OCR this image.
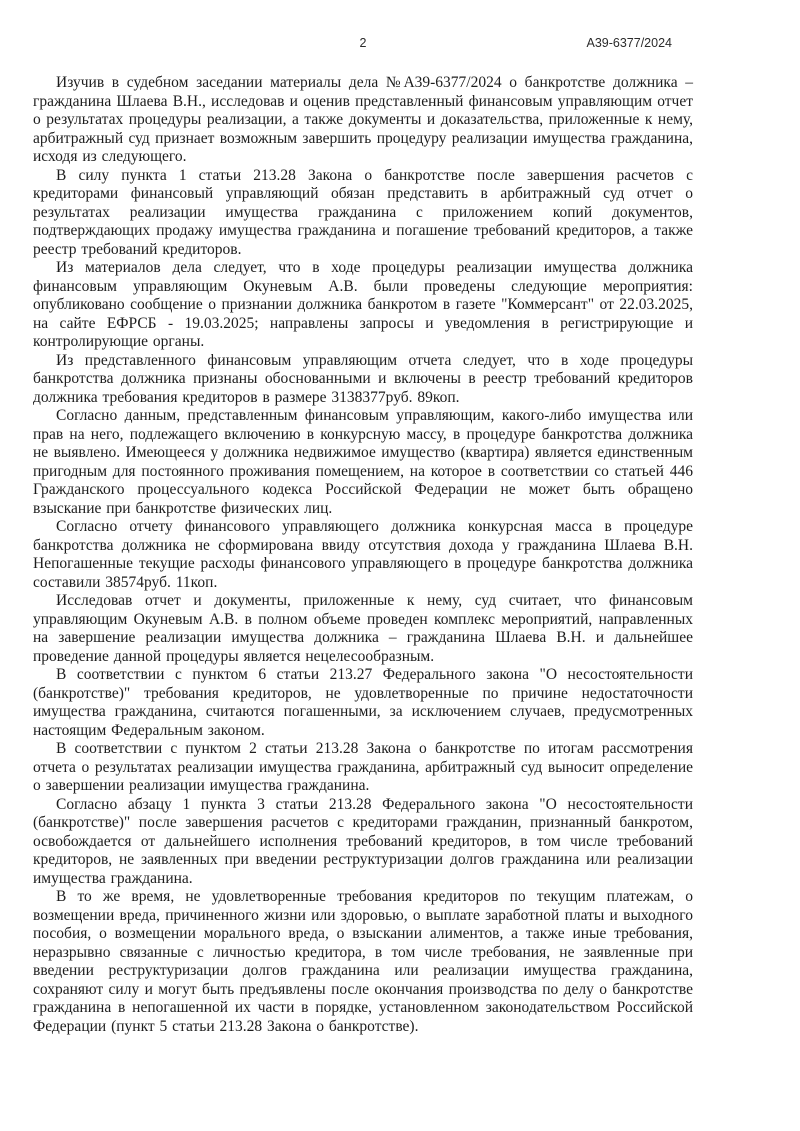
2	А39-6377/2024

Изучив в судебном заседании материалы дела №А39-6377/2024 о банкротстве должника – гражданина Шлаева В.Н., исследовав и оценив представленный финансовым управляющим отчет о результатах процедуры реализации, а также документы и доказательства, приложенные к нему, арбитражный суд признает возможным завершить процедуру реализации имущества гражданина, исходя из следующего.

В силу пункта 1 статьи 213.28 Закона о банкротстве после завершения расчетов с кредиторами финансовый управляющий обязан представить в арбитражный суд отчет о результатах реализации имущества гражданина с приложением копий документов, подтверждающих продажу имущества гражданина и погашение требований кредиторов, а также реестр требований кредиторов.

Из материалов дела следует, что в ходе процедуры реализации имущества должника финансовым управляющим Окуневым А.В. были проведены следующие мероприятия: опубликовано сообщение о признании должника банкротом в газете "Коммерсант" от 22.03.2025, на сайте ЕФРСБ - 19.03.2025; направлены запросы и уведомления в регистрирующие и контролирующие органы.

Из представленного финансовым управляющим отчета следует, что в ходе процедуры банкротства должника признаны обоснованными и включены в реестр требований кредиторов должника требования кредиторов в размере 3138377руб. 89коп.

Согласно данным, представленным финансовым управляющим, какого-либо имущества или прав на него, подлежащего включению в конкурсную массу, в процедуре банкротства должника не выявлено. Имеющееся у должника недвижимое имущество (квартира) является единственным пригодным для постоянного проживания помещением, на которое в соответствии со статьей 446 Гражданского процессуального кодекса Российской Федерации не может быть обращено взыскание при банкротстве физических лиц.

Согласно отчету финансового управляющего должника конкурсная масса в процедуре банкротства должника не сформирована ввиду отсутствия дохода у гражданина Шлаева В.Н. Непогашенные текущие расходы финансового управляющего в процедуре банкротства должника составили 38574руб. 11коп.

Исследовав отчет и документы, приложенные к нему, суд считает, что финансовым управляющим Окуневым А.В. в полном объеме проведен комплекс мероприятий, направленных на завершение реализации имущества должника – гражданина Шлаева В.Н. и дальнейшее проведение данной процедуры является нецелесообразным.

В соответствии с пунктом 6 статьи 213.27 Федерального закона "О несостоятельности (банкротстве)" требования кредиторов, не удовлетворенные по причине недостаточности имущества гражданина, считаются погашенными, за исключением случаев, предусмотренных настоящим Федеральным законом.

В соответствии с пунктом 2 статьи 213.28 Закона о банкротстве по итогам рассмотрения отчета о результатах реализации имущества гражданина, арбитражный суд выносит определение о завершении реализации имущества гражданина.

Согласно абзацу 1 пункта 3 статьи 213.28 Федерального закона "О несостоятельности (банкротстве)" после завершения расчетов с кредиторами гражданин, признанный банкротом, освобождается от дальнейшего исполнения требований кредиторов, в том числе требований кредиторов, не заявленных при введении реструктуризации долгов гражданина или реализации имущества гражданина.

В то же время, не удовлетворенные требования кредиторов по текущим платежам, о возмещении вреда, причиненного жизни или здоровью, о выплате заработной платы и выходного пособия, о возмещении морального вреда, о взыскании алиментов, а также иные требования, неразрывно связанные с личностью кредитора, в том числе требования, не заявленные при введении реструктуризации долгов гражданина или реализации имущества гражданина, сохраняют силу и могут быть предъявлены после окончания производства по делу о банкротстве гражданина в непогашенной их части в порядке, установленном законодательством Российской Федерации (пункт 5 статьи 213.28 Закона о банкротстве).
